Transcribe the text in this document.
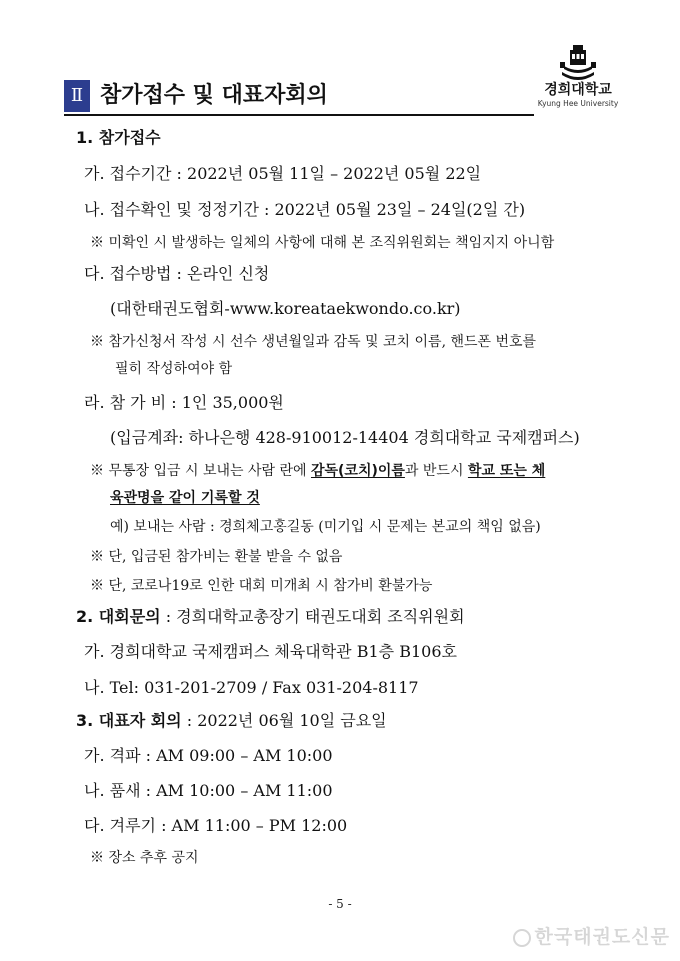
Ⅱ 참가접수 및 대표자회의	경희대학교
Kyung Hee University
1. 참가접수
가. 접수기간 : 2022년 05월 11일 – 2022년 05월 22일
나. 접수확인 및 정정기간 : 2022년 05월 23일 – 24일(2일 간)
※ 미확인 시 발생하는 일체의 사항에 대해 본 조직위원회는 책임지지 아니함
다. 접수방법 : 온라인 신청
(대한태권도협회-www.koreataekwondo.co.kr)
※ 참가신청서 작성 시 선수 생년월일과 감독 및 코치 이름, 핸드폰 번호를
필히 작성하여야 함
라. 참 가 비 : 1인 35,000원
(입금계좌: 하나은행 428-910012-14404 경희대학교 국제캠퍼스)
※ 무통장 입금 시 보내는 사람 란에 감독(코치)이름과 반드시 학교 또는 체
육관명을 같이 기록할 것
예) 보내는 사람 : 경희체고홍길동 (미기입 시 문제는 본교의 책임 없음)
※ 단, 입금된 참가비는 환불 받을 수 없음
※ 단, 코로나19로 인한 대회 미개최 시 참가비 환불가능
2. 대회문의 : 경희대학교총장기 태권도대회 조직위원회
가. 경희대학교 국제캠퍼스 체육대학관 B1층 B106호
나. Tel: 031-201-2709 / Fax 031-204-8117
3. 대표자 회의 : 2022년 06월 10일 금요일
가. 격파 : AM 09:00 – AM 10:00
나. 품새 : AM 10:00 – AM 11:00
다. 겨루기 : AM 11:00 – PM 12:00
※ 장소 추후 공지
- 5 -
한국태권도신문
